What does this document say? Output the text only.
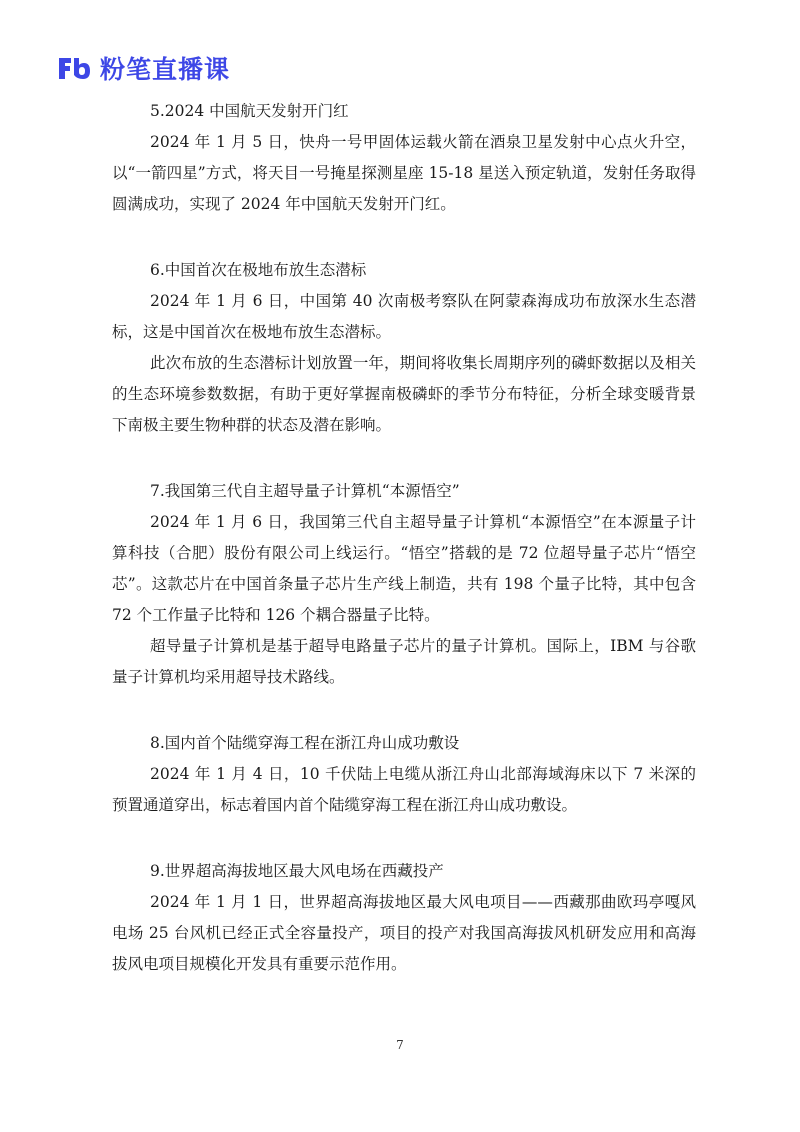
粉笔直播课

5.2024 中国航天发射开门红

2024 年 1 月 5 日，快舟一号甲固体运载火箭在酒泉卫星发射中心点火升空，以“一箭四星”方式，将天目一号掩星探测星座 15-18 星送入预定轨道，发射任务取得圆满成功，实现了 2024 年中国航天发射开门红。

6.中国首次在极地布放生态潜标

2024 年 1 月 6 日，中国第 40 次南极考察队在阿蒙森海成功布放深水生态潜标，这是中国首次在极地布放生态潜标。

此次布放的生态潜标计划放置一年，期间将收集长周期序列的磷虾数据以及相关的生态环境参数数据，有助于更好掌握南极磷虾的季节分布特征，分析全球变暖背景下南极主要生物种群的状态及潜在影响。

7.我国第三代自主超导量子计算机“本源悟空”

2024 年 1 月 6 日，我国第三代自主超导量子计算机“本源悟空”在本源量子计算科技（合肥）股份有限公司上线运行。“悟空”搭载的是 72 位超导量子芯片“悟空芯”。这款芯片在中国首条量子芯片生产线上制造，共有 198 个量子比特，其中包含 72 个工作量子比特和 126 个耦合器量子比特。

超导量子计算机是基于超导电路量子芯片的量子计算机。国际上，IBM 与谷歌量子计算机均采用超导技术路线。

8.国内首个陆缆穿海工程在浙江舟山成功敷设

2024 年 1 月 4 日，10 千伏陆上电缆从浙江舟山北部海域海床以下 7 米深的预置通道穿出，标志着国内首个陆缆穿海工程在浙江舟山成功敷设。

9.世界超高海拔地区最大风电场在西藏投产

2024 年 1 月 1 日，世界超高海拔地区最大风电项目——西藏那曲欧玛亭嘎风电场 25 台风机已经正式全容量投产，项目的投产对我国高海拔风机研发应用和高海拔风电项目规模化开发具有重要示范作用。

7
